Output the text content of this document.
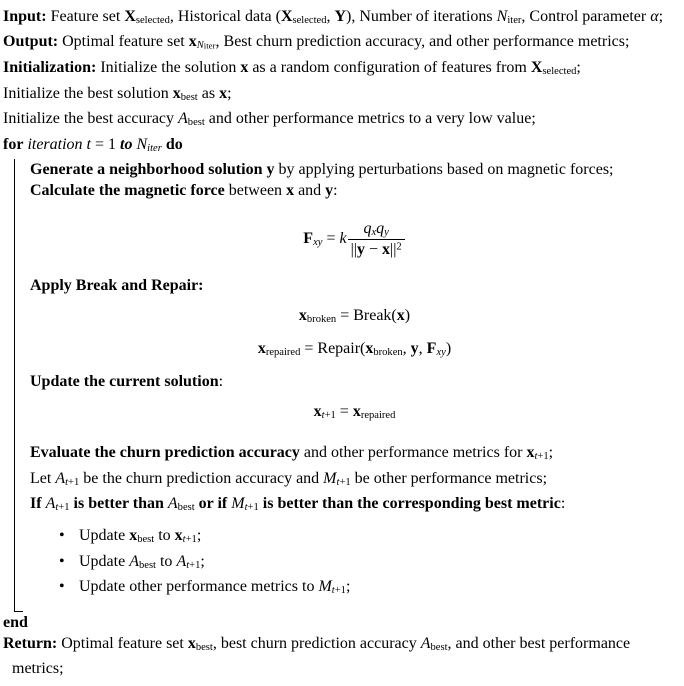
Input: Feature set Xselected, Historical data (Xselected, Y), Number of iterations Niter, Control parameter α;
Output: Optimal feature set xNiter, Best churn prediction accuracy, and other performance metrics;
Initialization: Initialize the solution x as a random configuration of features from Xselected;
Initialize the best solution xbest as x;
Initialize the best accuracy Abest and other performance metrics to a very low value;
for iteration t = 1 to Niter do
Generate a neighborhood solution y by applying perturbations based on magnetic forces;
Calculate the magnetic force between x and y:
Fxy = k $\frac{\text{qxqy}}{||y - x||^2}$
Apply Break and Repair:
xbroken = Break(x)
xrepaired = Repair(xbroken, y, Fxy)
Update the current solution:
xt+1 = xrepaired
Evaluate the churn prediction accuracy and other performance metrics for xt+1;
Let At+1 be the churn prediction accuracy and Mt+1 be other performance metrics;
If At+1 is better than Abest or if Mt+1 is better than the corresponding best metric:
• Update xbest to xt+1;
• Update Abest to At+1;
• Update other performance metrics to Mt+1;
end
Return: Optimal feature set xbest, best churn prediction accuracy Abest, and other best performance metrics;
